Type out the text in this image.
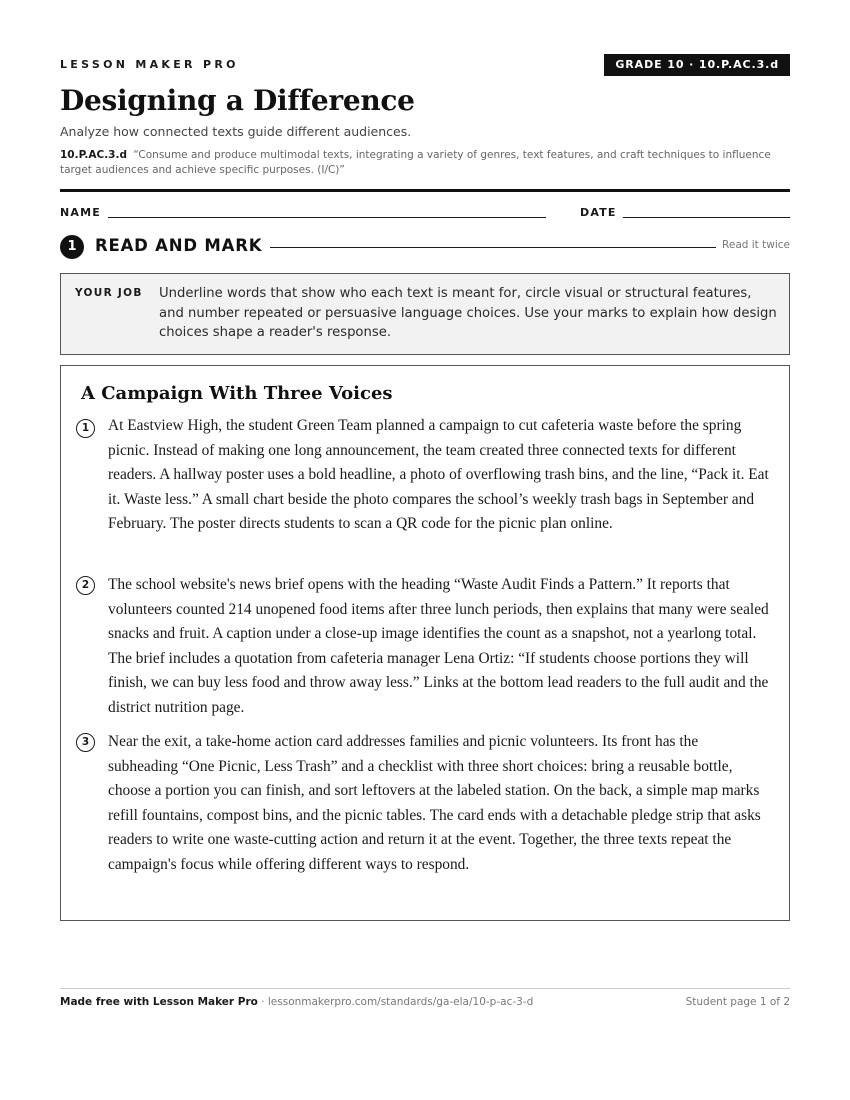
LESSON MAKER PRO	GRADE 10 · 10.P.AC.3.d
Designing a Difference
Analyze how connected texts guide different audiences.
10.P.AC.3.d “Consume and produce multimodal texts, integrating a variety of genres, text features, and craft techniques to influence target audiences and achieve specific purposes. (I/C)”
NAME	DATE
1	READ AND MARK	Read it twice
YOUR JOB Underline words that show who each text is meant for, circle visual or structural features, and number repeated or persuasive language choices. Use your marks to explain how design choices shape a reader's response.
A Campaign With Three Voices
1	At Eastview High, the student Green Team planned a campaign to cut cafeteria waste before the spring picnic. Instead of making one long announcement, the team created three connected texts for different readers. A hallway poster uses a bold headline, a photo of overflowing trash bins, and the line, “Pack it. Eat it. Waste less.” A small chart beside the photo compares the school’s weekly trash bags in September and February. The poster directs students to scan a QR code for the picnic plan online.

2	The school website's news brief opens with the heading “Waste Audit Finds a Pattern.” It reports that volunteers counted 214 unopened food items after three lunch periods, then explains that many were sealed snacks and fruit. A caption under a close-up image identifies the count as a snapshot, not a yearlong total. The brief includes a quotation from cafeteria manager Lena Ortiz: “If students choose portions they will finish, we can buy less food and throw away less.” Links at the bottom lead readers to the full audit and the district nutrition page.

3	Near the exit, a take-home action card addresses families and picnic volunteers. Its front has the subheading “One Picnic, Less Trash” and a checklist with three short choices: bring a reusable bottle, choose a portion you can finish, and sort leftovers at the labeled station. On the back, a simple map marks refill fountains, compost bins, and the picnic tables. The card ends with a detachable pledge strip that asks readers to write one waste-cutting action and return it at the event. Together, the three texts repeat the campaign's focus while offering different ways to respond.

Made free with Lesson Maker Pro · lessonmakerpro.com/standards/ga-ela/10-p-ac-3-d	Student page 1 of 2
